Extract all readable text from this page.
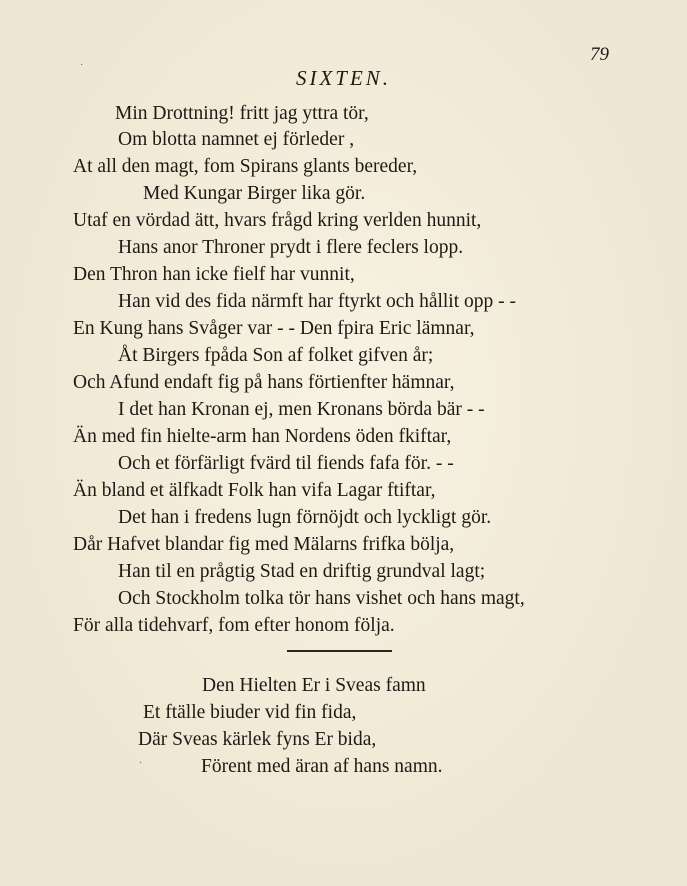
79
SIXTEN.
Min Drottning! fritt jag yttra tör,
Om blotta namnet ej förleder ,
At all den magt, fom Spirans glants bereder,
Med Kungar Birger lika gör.
Utaf en vördad ätt, hvars frågd kring verlden hunnit,
Hans anor Throner prydt i flere feclers lopp.
Den Thron han icke fielf har vunnit,
Han vid des fida närmft har ftyrkt och hållit opp - -
En Kung hans Svåger var - - Den fpira Eric lämnar,
Åt Birgers fpåda Son af folket gifven år;
Och Afund endaft fig på hans förtienfter hämnar,
I det han Kronan ej, men Kronans börda bär - -
Än med fin hielte-arm han Nordens öden fkiftar,
Och et förfärligt fvärd til fiends fafa för. - -
Än bland et älfkadt Folk han vifa Lagar ftiftar,
Det han i fredens lugn förnöjdt och lyckligt gör.
Dår Hafvet blandar fig med Mälarns frifka bölja,
Han til en prågtig Stad en driftig grundval lagt;
Och Stockholm tolka tör hans vishet och hans magt,
För alla tidehvarf, fom efter honom följa.
Den Hielten Er i Sveas famn
Et ftälle biuder vid fin fida,
Där Sveas kärlek fyns Er bida,
Förent med äran af hans namn.
·
·
